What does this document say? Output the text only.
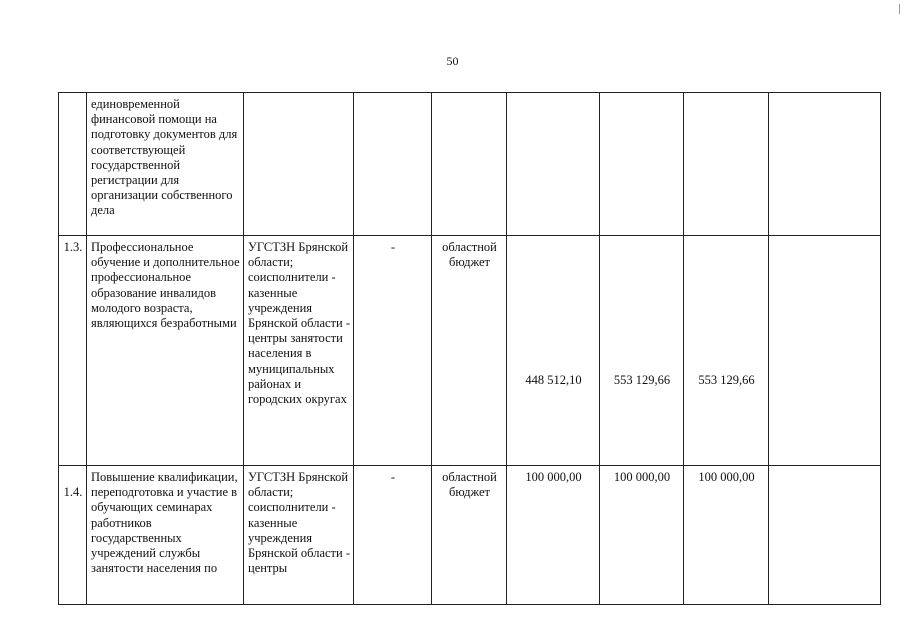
50
	единовременной финансовой помощи на подготовку документов для соответствующей государственной регистрации для организации собственного дела							
1.3.	Профессиональное обучение и дополнительное профессиональное образование инвалидов молодого возраста, являющихся безработными	УГСТЗН Брянской области; соисполнители - казенные учреждения Брянской области - центры занятости населения в муниципальных районах и городских округах	-	областной бюджет	448 512,10	553 129,66	553 129,66	
1.4.	Повышение квалификации, переподготовка и участие в обучающих семинарах работников государственных учреждений службы занятости населения по	УГСТЗН Брянской области; соисполнители - казенные учреждения Брянской области - центры	-	областной бюджет	100 000,00	100 000,00	100 000,00	
